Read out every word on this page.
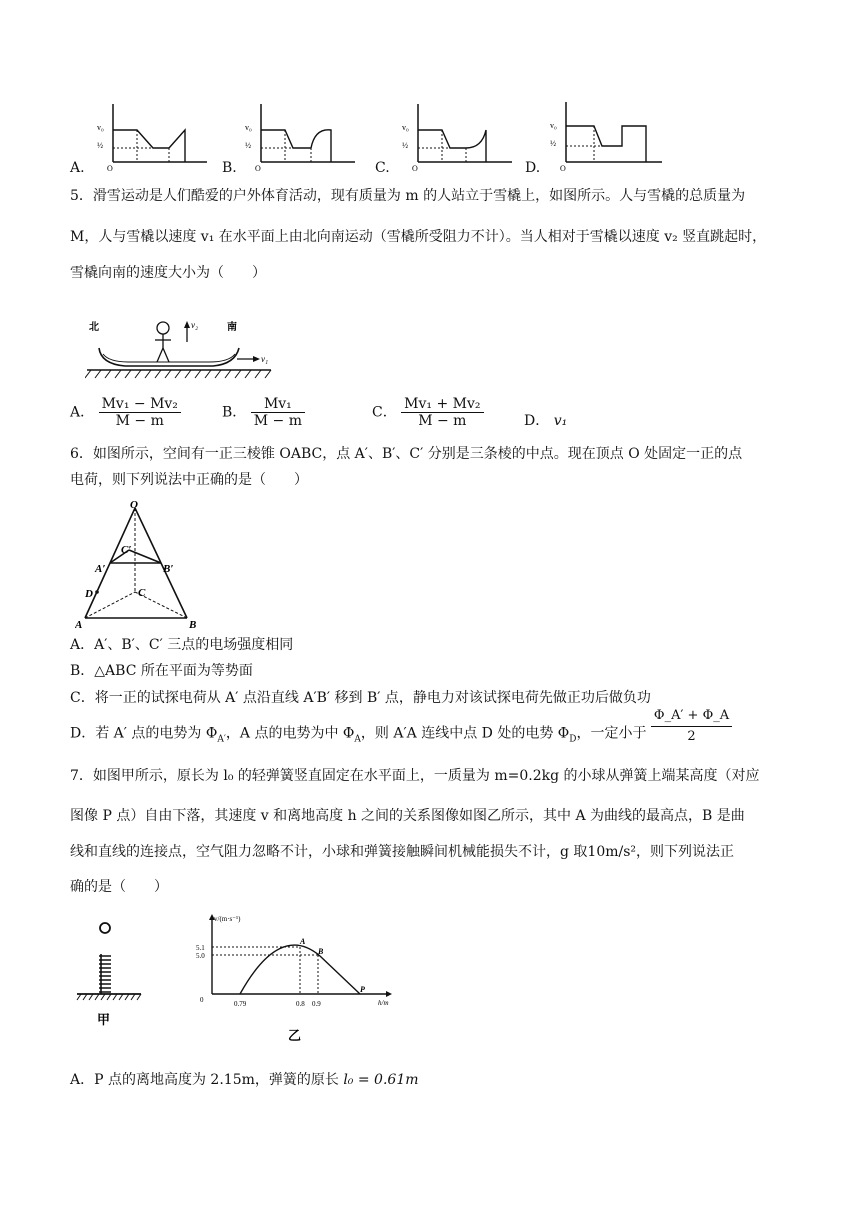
A.
v₀
½
O	B.
v₀
½
O	C.
v₀
½
O	D.
v₀
½
O
5．滑雪运动是人们酷爱的户外体育活动，现有质量为 m 的人站立于雪橇上，如图所示。人与雪橇的总质量为
M，人与雪橇以速度 v₁ 在水平面上由北向南运动（雪橇所受阻力不计）。当人相对于雪橇以速度 v₂ 竖直跳起时，
雪橇向南的速度大小为（　　）
北	南
v₂
v₁
A． $\frac{\text{Mv₁ − Mv₂}}{M - m}$	B． $\frac{\text{Mv₁}}{M - m}$	C． $\frac{\text{Mv₁ + Mv₂}}{M - m}$	D． v₁
6．如图所示，空间有一正三棱锥 OABC，点 A′、B′、C′ 分别是三条棱的中点。现在顶点 O 处固定一正的点
电荷，则下列说法中正确的是（　　）
O
A	B
C
A′	B′
C′
D
A．A′、B′、C′ 三点的电场强度相同
B．△ABC 所在平面为等势面
C．将一正的试探电荷从 A′ 点沿直线 A′B′ 移到 B′ 点，静电力对该试探电荷先做正功后做负功
D．若 A′ 点的电势为 $\Phi_{A'}$，A 点的电势为中 $\Phi_A$，则 A′A 连线中点 D 处的电势 $\Phi_D$，一定小于 $\frac{\Phi\_A' + \Phi\_A}{2}$
7．如图甲所示，原长为 l₀ 的轻弹簧竖直固定在水平面上，一质量为 m=0.2kg 的小球从弹簧上端某高度（对应
图像 P 点）自由下落，其速度 v 和离地高度 h 之间的关系图像如图乙所示，其中 A 为曲线的最高点，B 是曲
线和直线的连接点，空气阻力忽略不计，小球和弹簧接触瞬间机械能损失不计，g 取10m/s²，则下列说法正
确的是（　　）
甲
v/(m·s⁻¹)
h/m
5.1
5.0
0	0.79	0.8 0.9
A
B
P
乙
A．P 点的离地高度为 2.15m，弹簧的原长 l₀ = 0.61m
